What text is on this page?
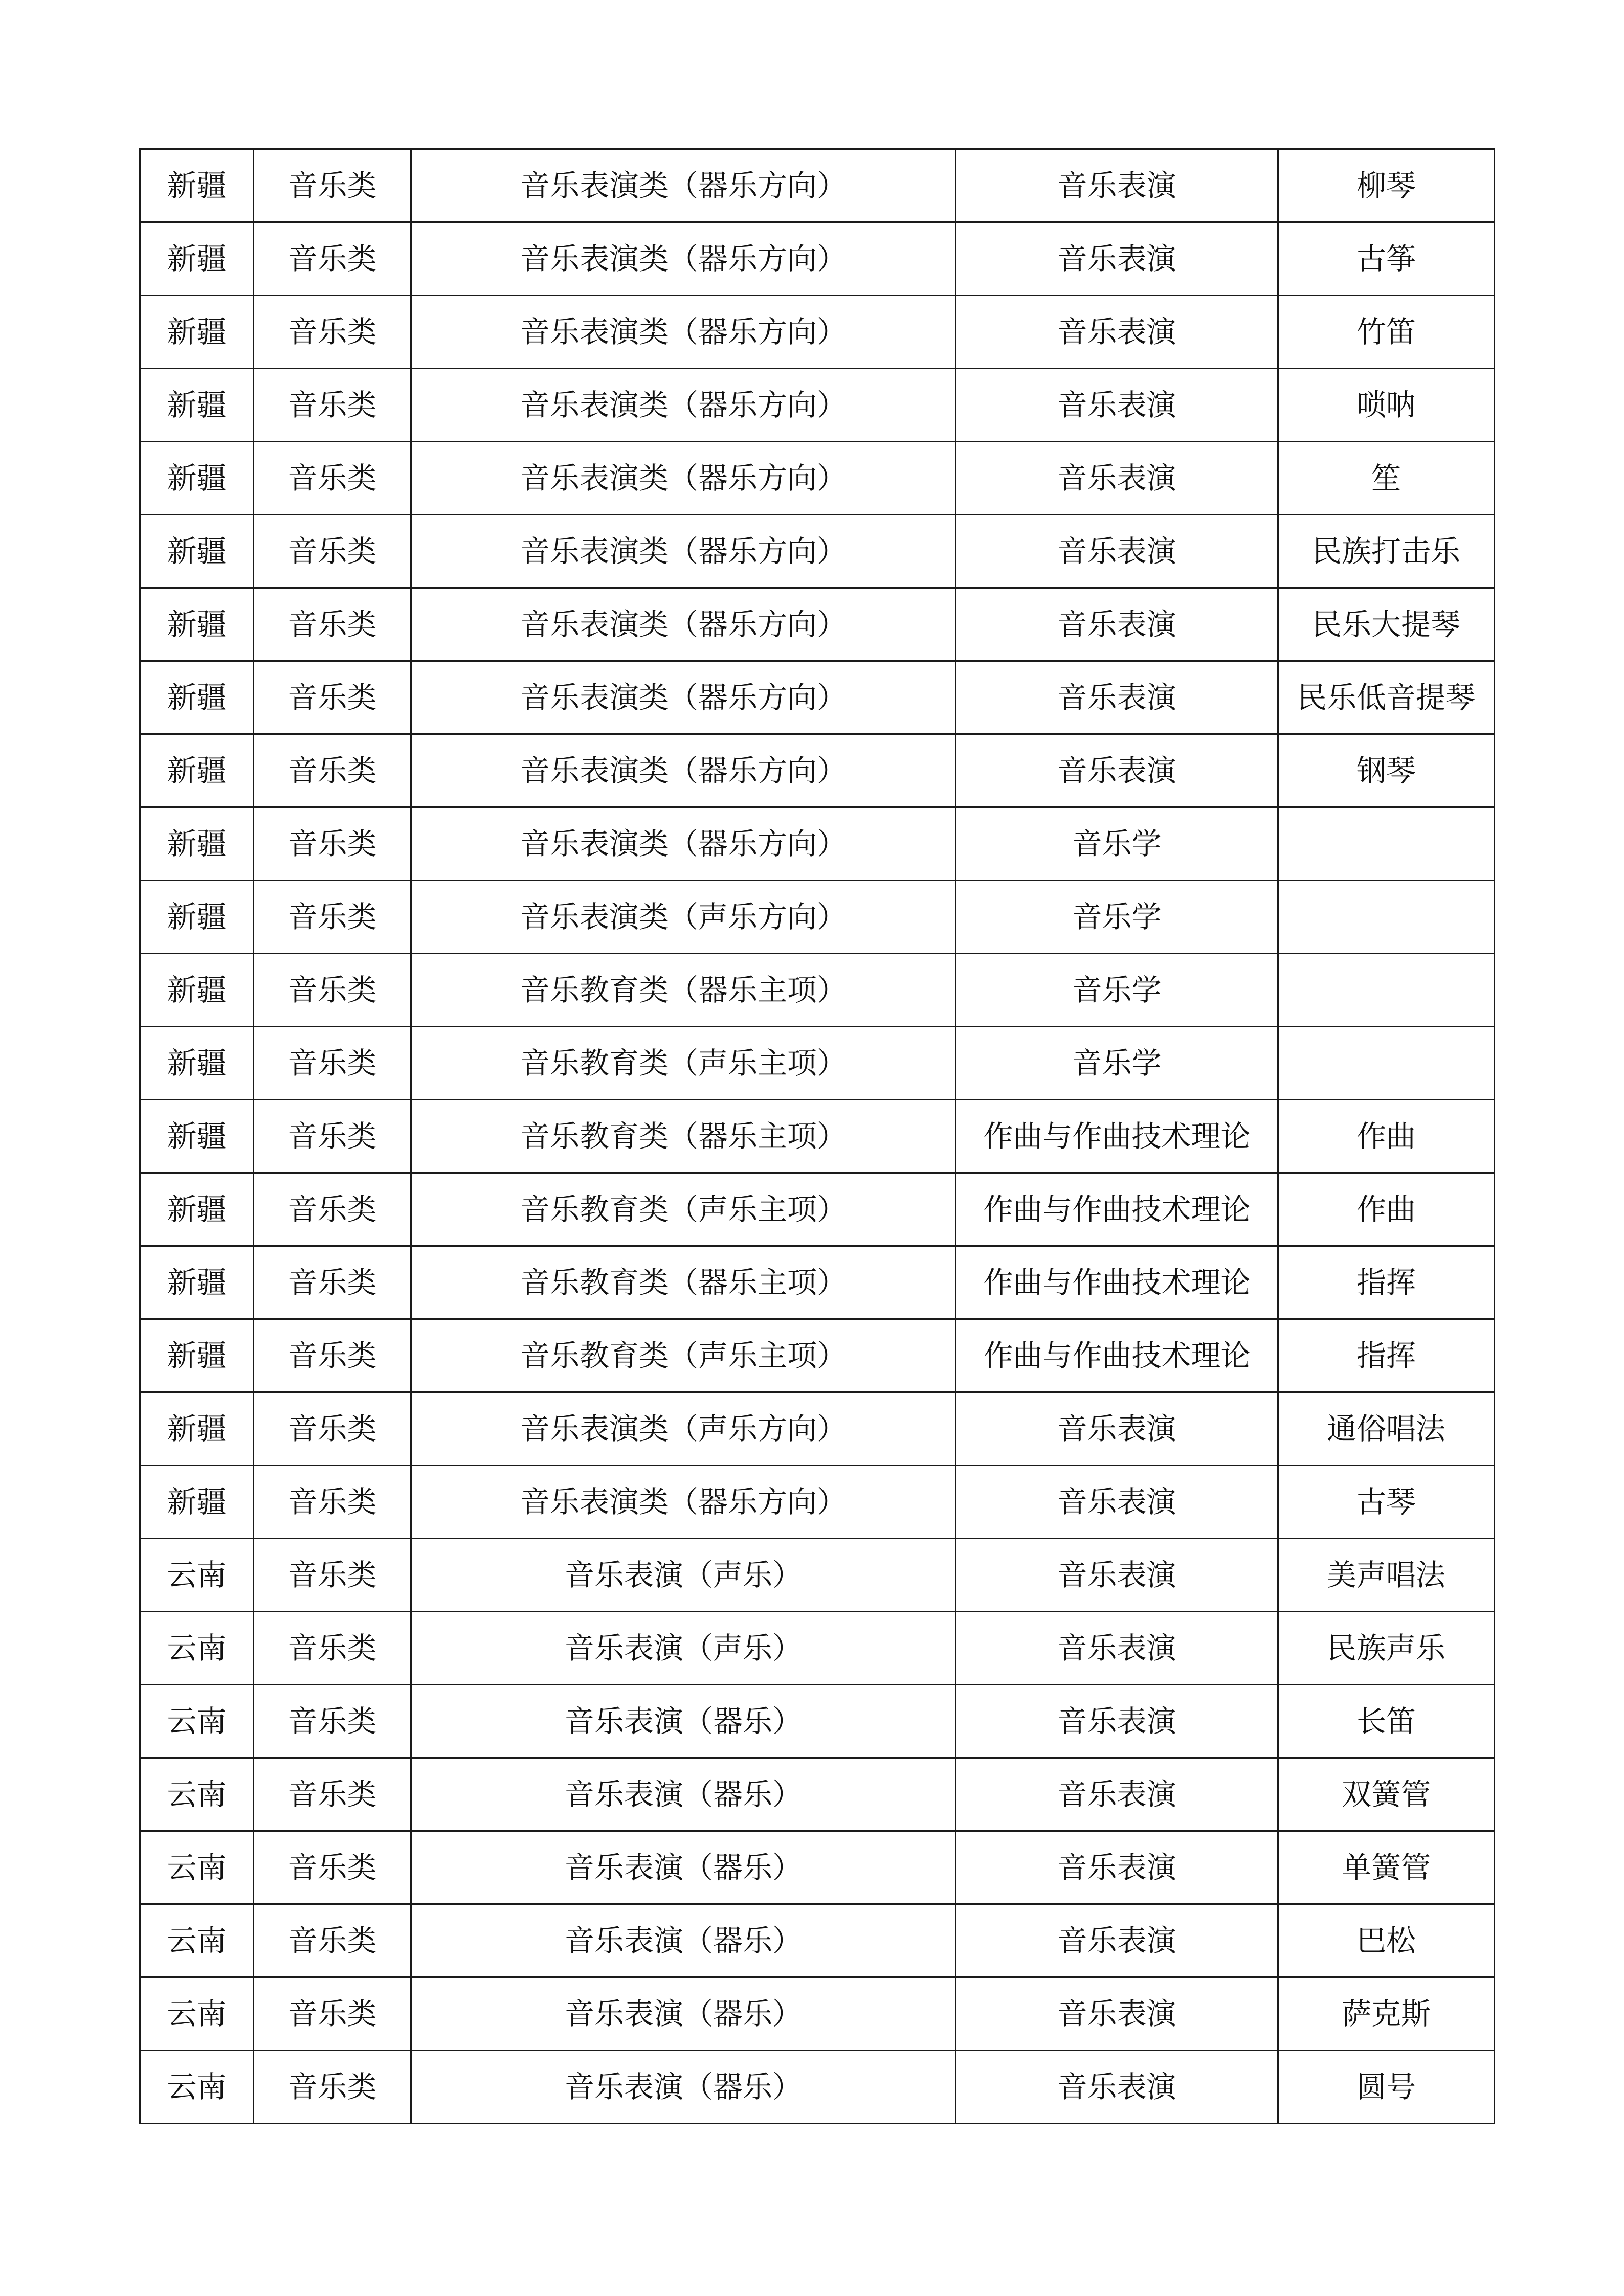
新疆	音乐类	音乐表演类（器乐方向）	音乐表演	柳琴
新疆	音乐类	音乐表演类（器乐方向）	音乐表演	古筝
新疆	音乐类	音乐表演类（器乐方向）	音乐表演	竹笛
新疆	音乐类	音乐表演类（器乐方向）	音乐表演	唢呐
新疆	音乐类	音乐表演类（器乐方向）	音乐表演	笙
新疆	音乐类	音乐表演类（器乐方向）	音乐表演	民族打击乐
新疆	音乐类	音乐表演类（器乐方向）	音乐表演	民乐大提琴
新疆	音乐类	音乐表演类（器乐方向）	音乐表演	民乐低音提琴
新疆	音乐类	音乐表演类（器乐方向）	音乐表演	钢琴
新疆	音乐类	音乐表演类（器乐方向）	音乐学	
新疆	音乐类	音乐表演类（声乐方向）	音乐学	
新疆	音乐类	音乐教育类（器乐主项）	音乐学	
新疆	音乐类	音乐教育类（声乐主项）	音乐学	
新疆	音乐类	音乐教育类（器乐主项）	作曲与作曲技术理论	作曲
新疆	音乐类	音乐教育类（声乐主项）	作曲与作曲技术理论	作曲
新疆	音乐类	音乐教育类（器乐主项）	作曲与作曲技术理论	指挥
新疆	音乐类	音乐教育类（声乐主项）	作曲与作曲技术理论	指挥
新疆	音乐类	音乐表演类（声乐方向）	音乐表演	通俗唱法
新疆	音乐类	音乐表演类（器乐方向）	音乐表演	古琴
云南	音乐类	音乐表演（声乐）	音乐表演	美声唱法
云南	音乐类	音乐表演（声乐）	音乐表演	民族声乐
云南	音乐类	音乐表演（器乐）	音乐表演	长笛
云南	音乐类	音乐表演（器乐）	音乐表演	双簧管
云南	音乐类	音乐表演（器乐）	音乐表演	单簧管
云南	音乐类	音乐表演（器乐）	音乐表演	巴松
云南	音乐类	音乐表演（器乐）	音乐表演	萨克斯
云南	音乐类	音乐表演（器乐）	音乐表演	圆号
